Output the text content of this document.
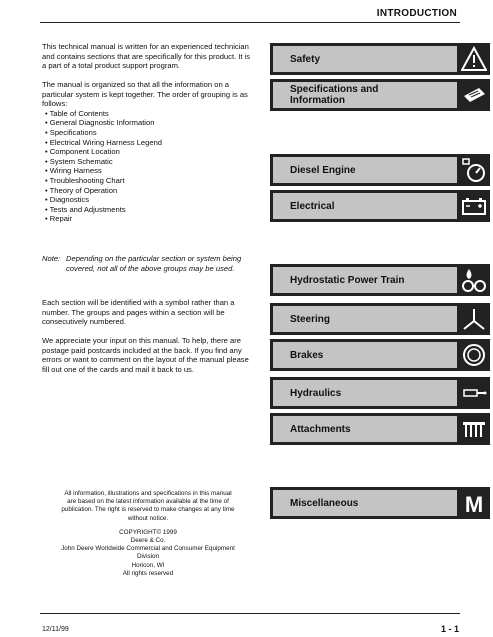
INTRODUCTION

This technical manual is written for an experienced technician and contains sections that are specifically for this product. It is a part of a total product support program.

The manual is organized so that all the information on a particular system is kept together. The order of grouping is as follows:

• Table of Contents
• General Diagnostic Information
• Specifications
• Electrical Wiring Harness Legend
• Component Location
• System Schematic
• Wiring Harness
• Troubleshooting Chart
• Theory of Operation
• Diagnostics
• Tests and Adjustments
• Repair
Note: Depending on the particular section or system being covered, not all of the above groups may be used.

Each section will be identified with a symbol rather than a number. The groups and pages within a section will be consecutively numbered.

We appreciate your input on this manual. To help, there are postage paid postcards included at the back. If you find any errors or want to comment on the layout of the manual please fill out one of the cards and mail it back to us.

All information, illustrations and specifications in this manual are based on the latest information available at the time of publication. The right is reserved to make changes at any time without notice.

COPYRIGHT© 1999
Deere & Co.
John Deere Worldwide Commercial and Consumer Equipment Division
Horicon, WI
All rights reserved
12/11/99	1 - 1
Safety
Specifications and Information
Diesel Engine
Electrical
Hydrostatic Power Train
Steering
Brakes
Hydraulics
Attachments
Miscellaneous	M
